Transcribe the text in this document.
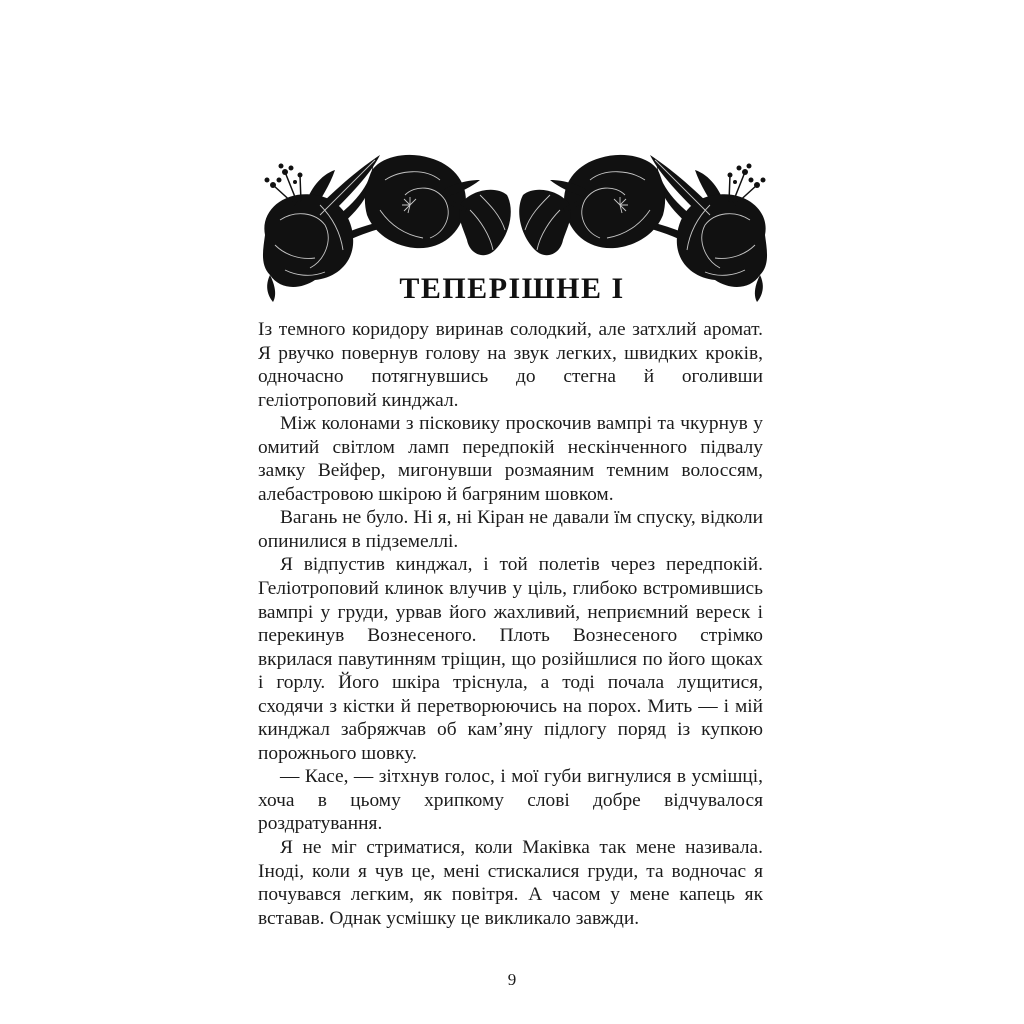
ТЕПЕРІШНЕ І

Із темного коридору виринав солодкий, але затхлий аромат. Я рвучко повернув голову на звук легких, швидких кроків, одночасно потягнувшись до стегна й оголивши геліотроповий кинджал.

Між колонами з пісковику проскочив вампрі та чкурнув у омитий світлом ламп передпокій нескінченного підвалу замку Вейфер, мигонувши розмаяним темним волоссям, алебастровою шкірою й багряним шовком.

Вагань не було. Ні я, ні Кіран не давали їм спуску, відколи опинилися в підземеллі.

Я відпустив кинджал, і той полетів через передпокій. Геліотроповий клинок влучив у ціль, глибоко встромившись вампрі у груди, урвав його жахливий, неприємний вереск і перекинув Вознесеного. Плоть Вознесеного стрімко вкрилася павутинням тріщин, що розійшлися по його щоках і горлу. Його шкіра тріснула, а тоді почала лущитися, сходячи з кістки й перетворюючись на порох. Мить — і мій кинджал забряжчав об кам’яну підлогу поряд із купкою порожнього шовку.

— Касе, — зітхнув голос, і мої губи вигнулися в усмішці, хоча в цьому хрипкому слові добре відчувалося роздратування.

Я не міг стриматися, коли Маківка так мене називала. Іноді, коли я чув це, мені стискалися груди, та водночас я почувався легким, як повітря. А часом у мене капець як вставав. Однак усмішку це викликало завжди.

9
